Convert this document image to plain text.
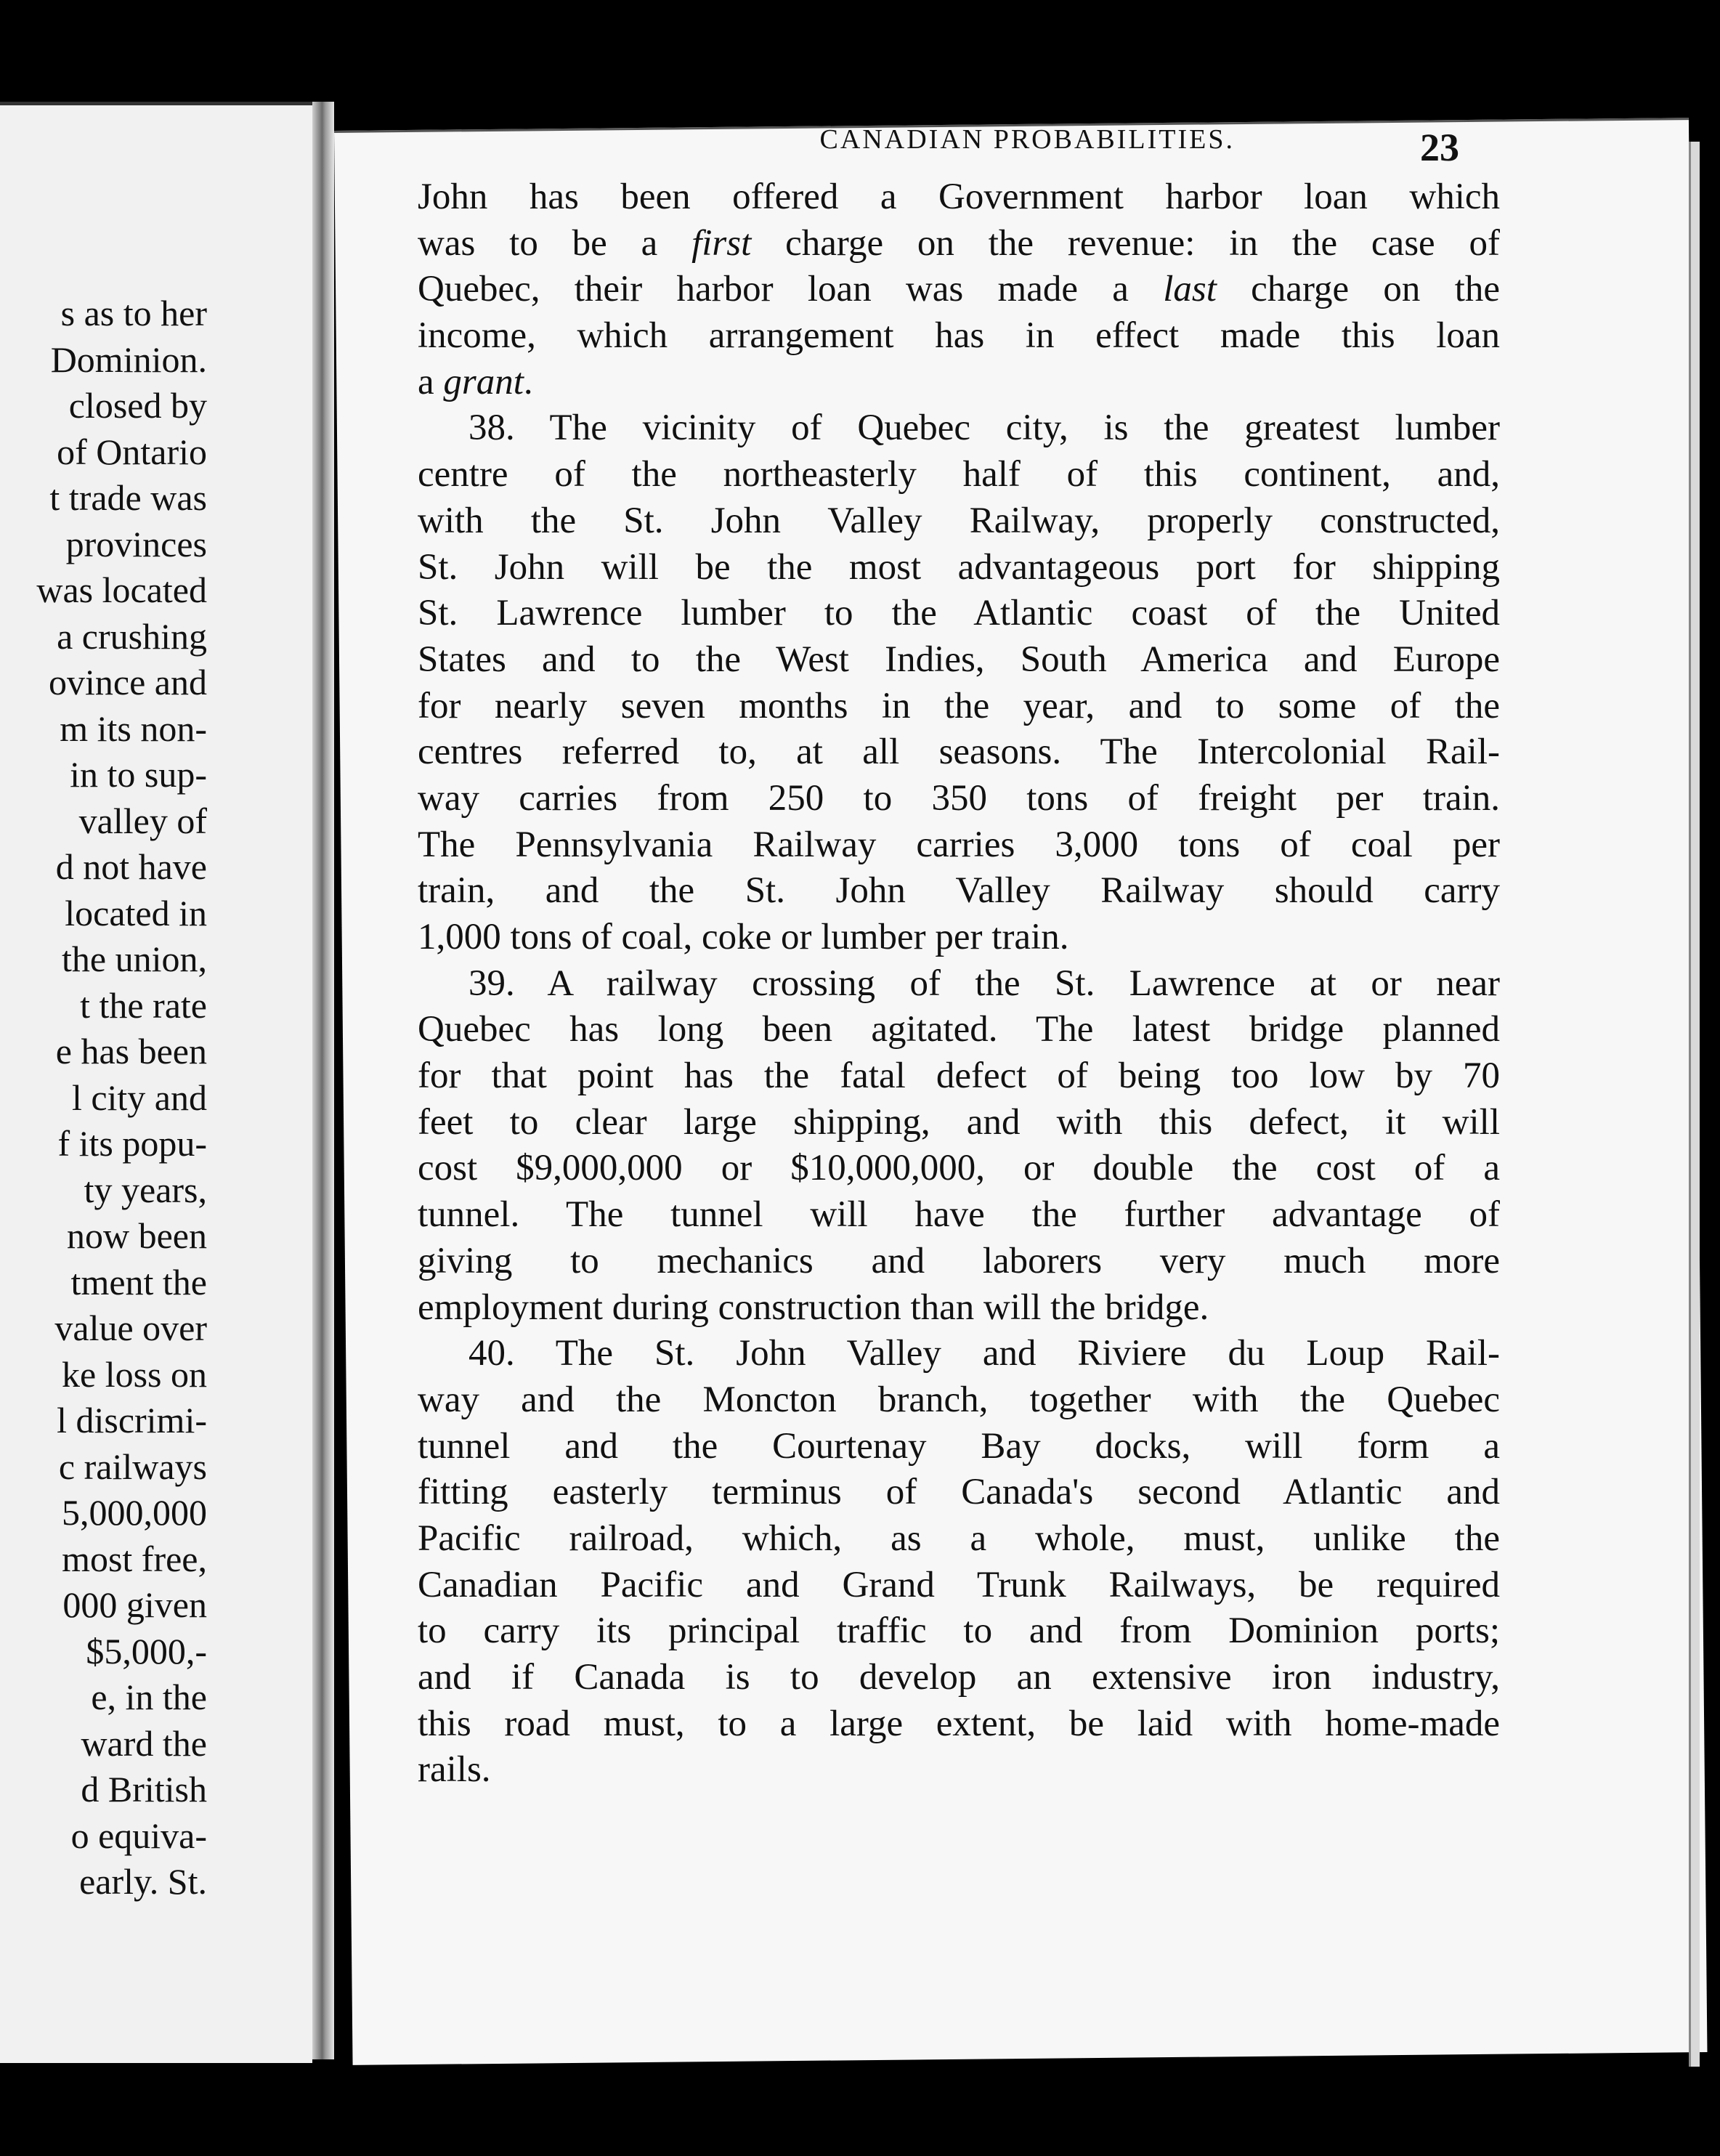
s as to her
Dominion.
closed by
of Ontario
t trade was
provinces
was located
a crushing
ovince and
m its non-
in to sup-
valley of
d not have
located in
the union,
t the rate
e has been
l city and
f its popu-
ty years,
now been
tment the
value over
ke loss on
l discrimi-
c railways
5,000,000
most free,
000 given
$5,000,-
e, in the
ward the
d British
o equiva-
early. St.
CANADIAN PROBABILITIES.	23
John has been offered a Government harbor loan which
was to be a first charge on the revenue: in the case of
Quebec, their harbor loan was made a last charge on the
income, which arrangement has in effect made this loan
a grant.
38. The vicinity of Quebec city, is the greatest lumber
centre of the northeasterly half of this continent, and,
with the St. John Valley Railway, properly constructed,
St. John will be the most advantageous port for shipping
St. Lawrence lumber to the Atlantic coast of the United
States and to the West Indies, South America and Europe
for nearly seven months in the year, and to some of the
centres referred to, at all seasons. The Intercolonial Rail-
way carries from 250 to 350 tons of freight per train.
The Pennsylvania Railway carries 3,000 tons of coal per
train, and the St. John Valley Railway should carry
1,000 tons of coal, coke or lumber per train.
39. A railway crossing of the St. Lawrence at or near
Quebec has long been agitated. The latest bridge planned
for that point has the fatal defect of being too low by 70
feet to clear large shipping, and with this defect, it will
cost $9,000,000 or $10,000,000, or double the cost of a
tunnel. The tunnel will have the further advantage of
giving to mechanics and laborers very much more
employment during construction than will the bridge.
40. The St. John Valley and Riviere du Loup Rail-
way and the Moncton branch, together with the Quebec
tunnel and the Courtenay Bay docks, will form a
fitting easterly terminus of Canada's second Atlantic and
Pacific railroad, which, as a whole, must, unlike the
Canadian Pacific and Grand Trunk Railways, be required
to carry its principal traffic to and from Dominion ports;
and if Canada is to develop an extensive iron industry,
this road must, to a large extent, be laid with home-made
rails.
